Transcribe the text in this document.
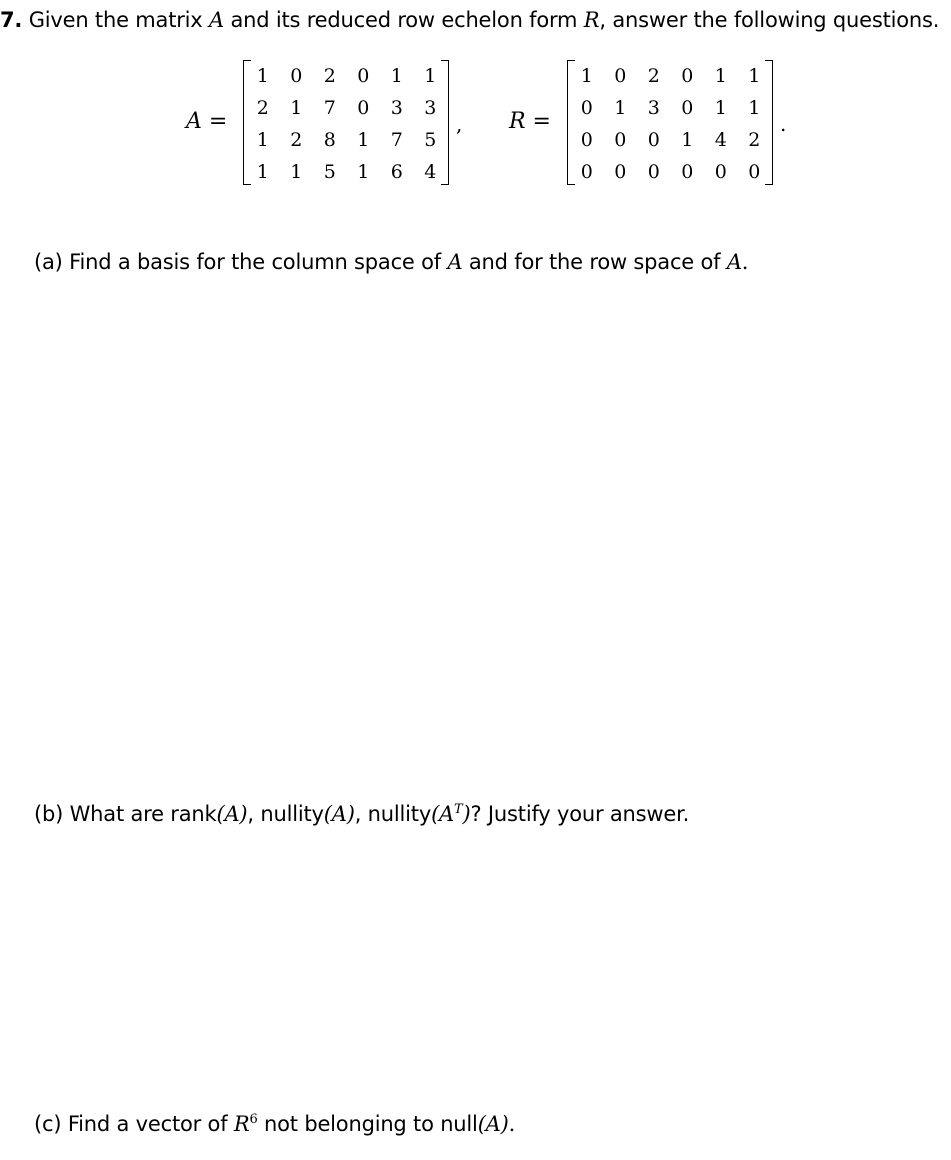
7. Given the matrix A and its reduced row echelon form R, answer the following questions.
A =
1	0	2	0	1	1
2	1	7	0	3	3
1	2	8	1	7	5
1	1	5	1	6	4
, R =
1	0	2	0	1	1
0	1	3	0	1	1
0	0	0	1	4	2
0	0	0	0	0	0
.
(a) Find a basis for the column space of A and for the row space of A.
(b) What are rank(A), nullity(A), $nullity(A^T)$? Justify your answer.
(c) Find a vector of $R^6$ not belonging to null(A).
